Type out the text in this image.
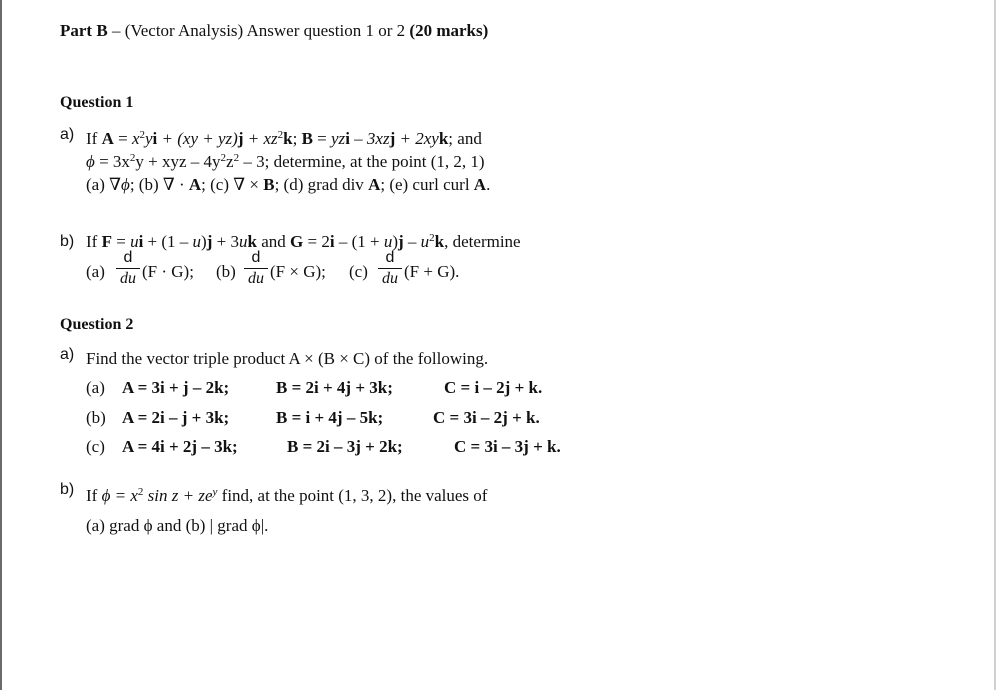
Part B – (Vector Analysis) Answer question 1 or 2 (20 marks)
Question 1
a) If $A = x^2yi + (xy + yz)j + xz^2k$; B = yzi – 3xzj + 2xyk; and
$\phi = 3x^2y$ + xyz – $4y^2z^2 - 3$; determine, at the point (1, 2, 1)
(a) ∇ϕ; (b) ∇ · A; (c) ∇ × B; (d) grad div A; (e) curl curl A.
b) If F = ui + (1 – u)j + 3uk and $G = 2i - (1 + u)j - u^2k$, determine
(a)
d
du (F · G); (b)
d
du (F × G); (c)
d
du (F + G).
Question 2
a) Find the vector triple product A × (B × C) of the following.
(a) A = 3i + j – 2k;	B = 2i + 4j + 3k;	C = i – 2j + k.
(b) A = 2i – j + 3k;	B = i + 4j – 5k;	C = 3i – 2j + k.
(c) A = 4i + 2j – 3k;	B = 2i – 3j + 2k;	C = 3i – 3j + k.
b) If $\phi = x^2$ $\sin z + ze^y$ find, at the point (1, 3, 2), the values of
(a) grad ϕ and (b) | grad ϕ|.
